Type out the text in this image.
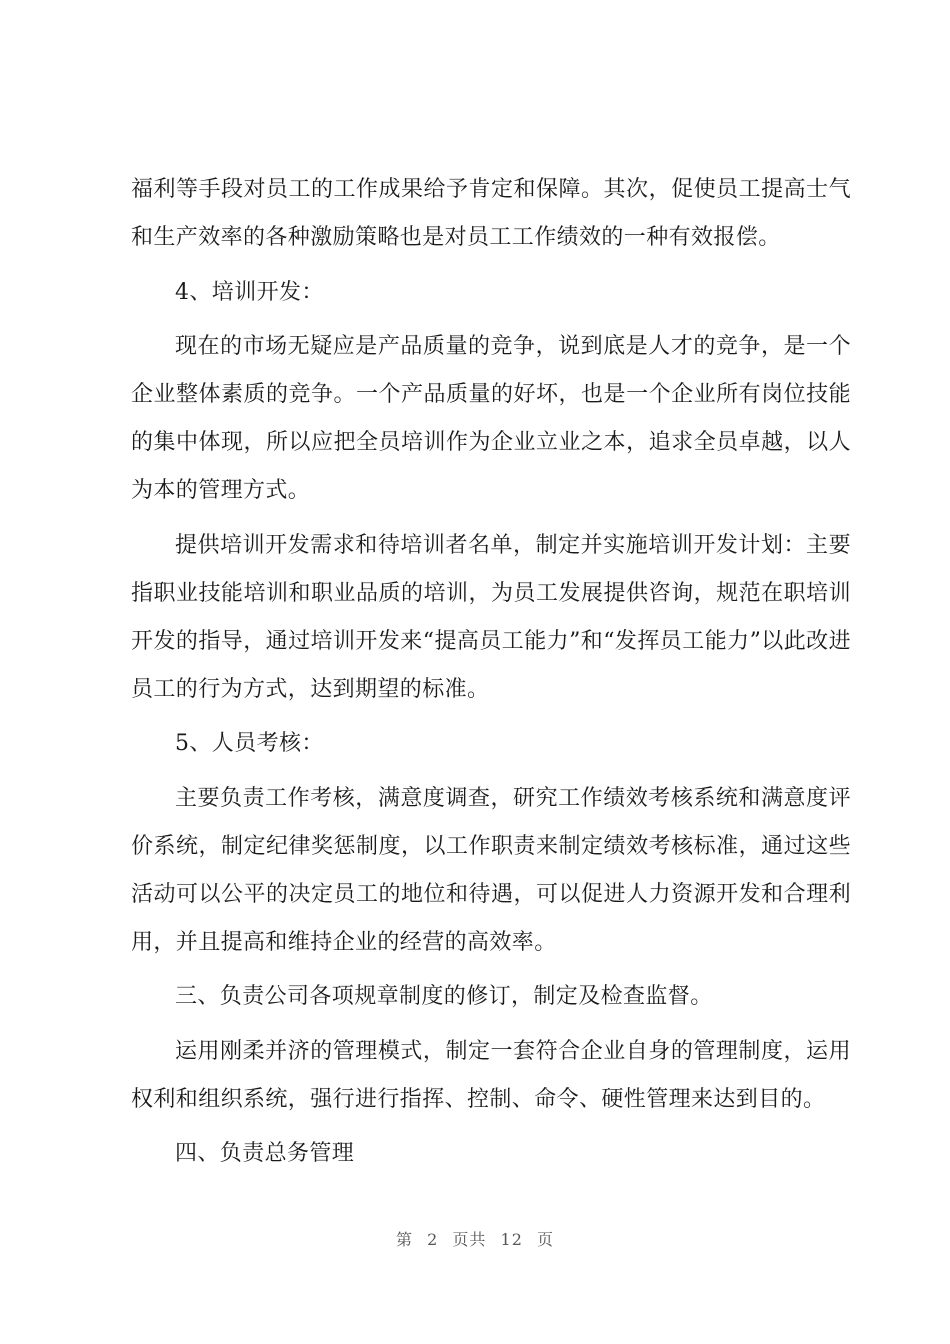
福利等手段对员工的工作成果给予肯定和保障。其次，促使员工提高士气和生产效率的各种激励策略也是对员工工作绩效的一种有效报偿。

4、培训开发：

现在的市场无疑应是产品质量的竞争，说到底是人才的竞争，是一个企业整体素质的竞争。一个产品质量的好坏，也是一个企业所有岗位技能的集中体现，所以应把全员培训作为企业立业之本，追求全员卓越，以人为本的管理方式。

提供培训开发需求和待培训者名单，制定并实施培训开发计划：主要指职业技能培训和职业品质的培训，为员工发展提供咨询，规范在职培训开发的指导，通过培训开发来“提高员工能力”和“发挥员工能力”以此改进员工的行为方式，达到期望的标准。

5、人员考核：

主要负责工作考核，满意度调查，研究工作绩效考核系统和满意度评价系统，制定纪律奖惩制度，以工作职责来制定绩效考核标准，通过这些活动可以公平的决定员工的地位和待遇，可以促进人力资源开发和合理利用，并且提高和维持企业的经营的高效率。

三、负责公司各项规章制度的修订，制定及检查监督。

运用刚柔并济的管理模式，制定一套符合企业自身的管理制度，运用权利和组织系统，强行进行指挥、控制、命令、硬性管理来达到目的。

四、负责总务管理

第 2 页共 12 页
